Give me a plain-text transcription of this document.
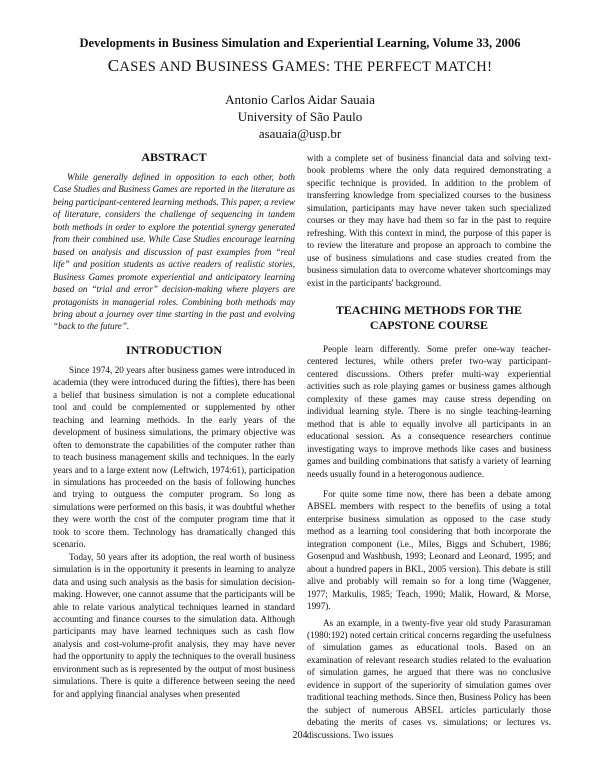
Developments in Business Simulation and Experiential Learning, Volume 33, 2006
CASES AND BUSINESS GAMES: THE PERFECT MATCH!
Antonio Carlos Aidar Sauaia
University of São Paulo
asauaia@usp.br
ABSTRACT

While generally defined in opposition to each other, both Case Studies and Business Games are reported in the literature as being participant-centered learning methods. This paper, a review of literature, considers the challenge of sequencing in tandem both methods in order to explore the potential synergy generated from their combined use. While Case Studies encourage learning based on analysis and discussion of past examples from “real life” and position students as active readers of realistic stories, Business Games promote experiential and anticipatory learning based on “trial and error” decision-making where players are protagonists in managerial roles. Combining both methods may bring about a journey over time starting in the past and evolving “back to the future”.

INTRODUCTION

Since 1974, 20 years after business games were introduced in academia (they were introduced during the fifties), there has been a belief that business simulation is not a complete educational tool and could be complemented or supplemented by other teaching and learning methods. In the early years of the development of business simulations, the primary objective was often to demonstrate the capabilities of the computer rather than to teach business management skills and techniques. In the early years and to a large extent now (Leftwich, 1974:61), participation in simulations has proceeded on the basis of following hunches and trying to outguess the computer program. So long as simulations were performed on this basis, it was doubtful whether they were worth the cost of the computer program time that it took to score them. Technology has dramatically changed this scenario.

Today, 50 years after its adoption, the real worth of business simulation is in the opportunity it presents in learning to analyze data and using such analysis as the basis for simulation decision-making. However, one cannot assume that the participants will be able to relate various analytical techniques learned in standard accounting and finance courses to the simulation data. Although participants may have learned techniques such as cash flow analysis and cost-volume-profit analysis, they may have never had the opportunity to apply the techniques to the overall business environment such as is represented by the output of most business simulations. There is quite a difference between seeing the need for and applying financial analyses when presented

with a complete set of business financial data and solving text-book problems where the only data required demonstrating a specific technique is provided. In addition to the problem of transferring knowledge from specialized courses to the business simulation, participants may have never taken such specialized courses or they may have had them so far in the past to require refreshing. With this context in mind, the purpose of this paper is to review the literature and propose an approach to combine the use of business simulations and case studies created from the business simulation data to overcome whatever shortcomings may exist in the participants' background.

TEACHING METHODS FOR THE CAPSTONE COURSE

People learn differently. Some prefer one-way teacher-centered lectures, while others prefer two-way participant-centered discussions. Others prefer multi-way experiential activities such as role playing games or business games although complexity of these games may cause stress depending on individual learning style. There is no single teaching-learning method that is able to equally involve all participants in an educational session. As a consequence researchers continue investigating ways to improve methods like cases and business games and building combinations that satisfy a variety of learning needs usually found in a heterogonous audience.

For quite some time now, there has been a debate among ABSEL members with respect to the benefits of using a total enterprise business simulation as opposed to the case study method as a learning tool considering that both incorporate the integration component (i.e., Miles, Biggs and Schubert, 1986; Gosenpud and Washbush, 1993; Leonard and Leonard, 1995; and about a hundred papers in BKL, 2005 version). This debate is still alive and probably will remain so for a long time (Waggener, 1977; Markulis, 1985; Teach, 1990; Malik, Howard, & Morse, 1997).

As an example, in a twenty-five year old study Parasuraman (1980:192) noted certain critical concerns regarding the usefulness of simulation games as educational tools. Based on an examination of relevant research studies related to the evaluation of simulation games, he argued that there was no conclusive evidence in support of the superiority of simulation games over traditional teaching methods. Since then, Business Policy has been the subject of numerous ABSEL articles particularly those debating the merits of cases vs. simulations; or lectures vs. discussions. Two issues

204
